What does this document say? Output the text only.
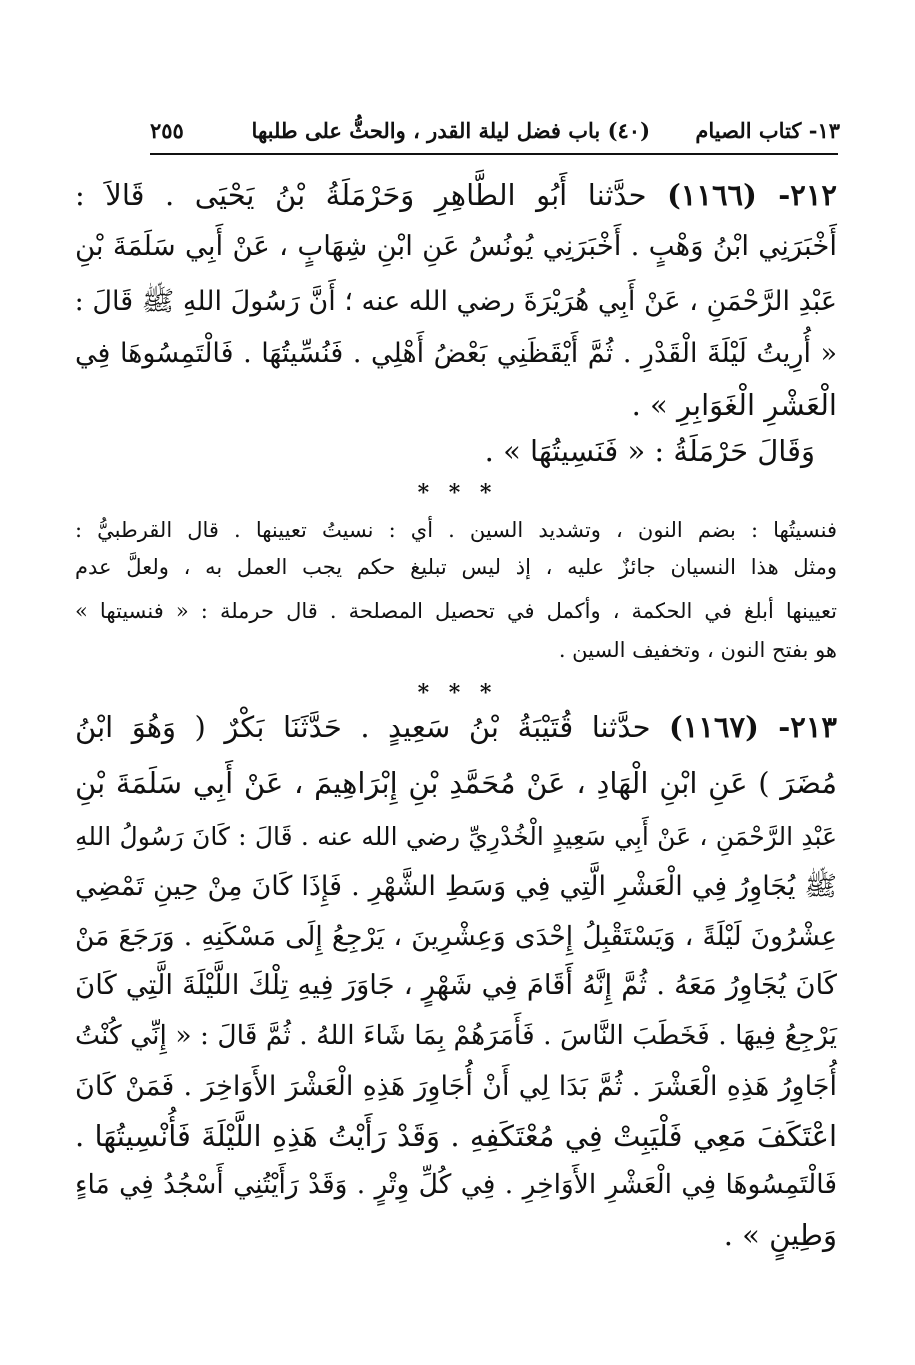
١٣- كتاب الصيام
(٤٠) باب فضل ليلة القدر ، والحثُّ على طلبها
٢٥٥
٢١٢- (١١٦٦) حدَّثنا أَبُو الطَّاهِرِ وَحَرْمَلَةُ بْنُ يَحْيَى . قَالاَ :
أَخْبَرَنِي ابْنُ وَهْبٍ . أَخْبَرَنِي يُونُسُ عَنِ ابْنِ شِهَابٍ ، عَنْ أَبِي سَلَمَةَ بْنِ
عَبْدِ الرَّحْمَنِ ، عَنْ أَبِي هُرَيْرَةَ رضي الله عنه ؛ أَنَّ رَسُولَ اللهِ ﷺ قَالَ :
« أُرِيتُ لَيْلَةَ الْقَدْرِ . ثُمَّ أَيْقَظَنِي بَعْضُ أَهْلِي . فَنُسِّيتُهَا . فَالْتَمِسُوهَا فِي
الْعَشْرِ الْغَوَابِرِ » .
وَقَالَ حَرْمَلَةُ : « فَنَسِيتُهَا » .
* * *
فنسيتُها : بضم النون ، وتشديد السين . أي : نسيتُ تعيينها . قال القرطبيُّ :
ومثل هذا النسيان جائزٌ عليه ، إذ ليس تبليغ حكم يجب العمل به ، ولعلَّ عدم
تعيينها أبلغ في الحكمة ، وأكمل في تحصيل المصلحة . قال حرملة : « فنسيتها »
هو بفتح النون ، وتخفيف السين .
* * *
٢١٣- (١١٦٧) حدَّثنا قُتَيْبَةُ بْنُ سَعِيدٍ . حَدَّثَنَا بَكْرٌ ( وَهُوَ ابْنُ
مُضَرَ ) عَنِ ابْنِ الْهَادِ ، عَنْ مُحَمَّدِ بْنِ إِبْرَاهِيمَ ، عَنْ أَبِي سَلَمَةَ بْنِ
عَبْدِ الرَّحْمَنِ ، عَنْ أَبِي سَعِيدٍ الْخُدْرِيِّ رضي الله عنه . قَالَ : كَانَ رَسُولُ اللهِ
ﷺ يُجَاوِرُ فِي الْعَشْرِ الَّتِي فِي وَسَطِ الشَّهْرِ . فَإِذَا كَانَ مِنْ حِينِ تَمْضِي
عِشْرُونَ لَيْلَةً ، وَيَسْتَقْبِلُ إِحْدَى وَعِشْرِينَ ، يَرْجِعُ إِلَى مَسْكَنِهِ . وَرَجَعَ مَنْ
كَانَ يُجَاوِرُ مَعَهُ . ثُمَّ إِنَّهُ أَقَامَ فِي شَهْرٍ ، جَاوَرَ فِيهِ تِلْكَ اللَّيْلَةَ الَّتِي كَانَ
يَرْجِعُ فِيهَا . فَخَطَبَ النَّاسَ . فَأَمَرَهُمْ بِمَا شَاءَ اللهُ . ثُمَّ قَالَ : « إِنِّي كُنْتُ
أُجَاوِرُ هَذِهِ الْعَشْرَ . ثُمَّ بَدَا لِي أَنْ أُجَاوِرَ هَذِهِ الْعَشْرَ الأَوَاخِرَ . فَمَنْ كَانَ
اعْتَكَفَ مَعِي فَلْيَبِتْ فِي مُعْتَكَفِهِ . وَقَدْ رَأَيْتُ هَذِهِ اللَّيْلَةَ فَأُنْسِيتُهَا .
فَالْتَمِسُوهَا فِي الْعَشْرِ الأَوَاخِرِ . فِي كُلِّ وِتْرٍ . وَقَدْ رَأَيْتُنِي أَسْجُدُ فِي مَاءٍ
وَطِينٍ » .
